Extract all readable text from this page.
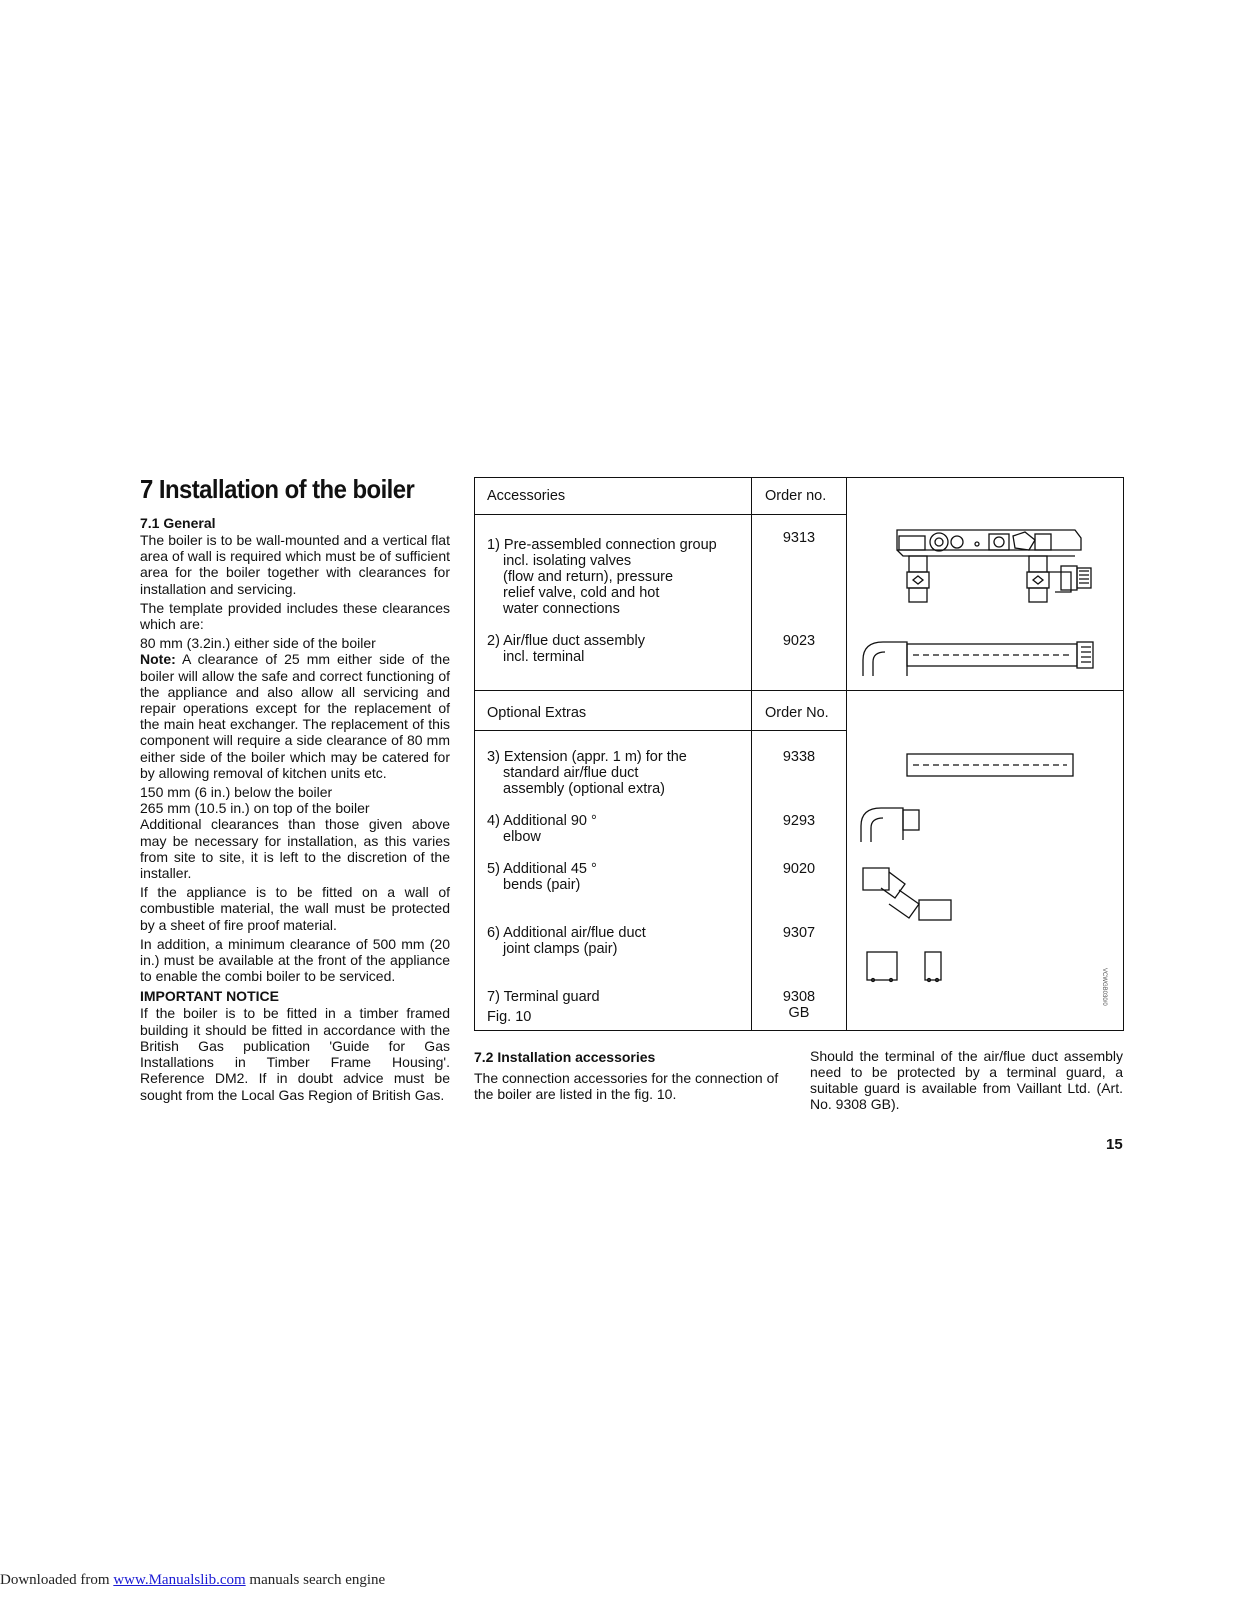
7 Installation of the boiler
7.1 General

The boiler is to be wall-mounted and a vertical flat area of wall is required which must be of sufficient area for the boiler together with clearances for installation and servicing.

The template provided includes these clearances which are:

80 mm (3.2in.) either side of the boiler

Note: A clearance of 25 mm either side of the boiler will allow the safe and correct functioning of the appliance and also allow all servicing and repair operations except for the replacement of the main heat exchanger. The replacement of this component will require a side clearance of 80 mm either side of the boiler which may be catered for by allowing removal of kitchen units etc.

150 mm (6 in.) below the boiler

265 mm (10.5 in.) on top of the boiler

Additional clearances than those given above may be necessary for installation, as this varies from site to site, it is left to the discretion of the installer.

If the appliance is to be fitted on a wall of combustible material, the wall must be protected by a sheet of fire proof material.

In addition, a minimum clearance of 500 mm (20 in.) must be available at the front of the appliance to enable the combi boiler to be serviced.

IMPORTANT NOTICE

If the boiler is to be fitted in a timber framed building it should be fitted in accordance with the British Gas publication 'Guide for Gas Installations in Timber Frame Housing'. Reference DM2. If in doubt advice must be sought from the Local Gas Region of British Gas.

Accessories	Order no.
Optional Extras	Order No.
1) Pre-assembled connection group
incl. isolating valves
(flow and return), pressure
relief valve, cold and hot
water connections
9313
2) Air/flue duct assembly
incl. terminal
9023
3) Extension (appr. 1 m) for the
standard air/flue duct
assembly (optional extra)
9338
4) Additional 90 °
elbow
9293
5) Additional 45 °
bends (pair)
9020
6) Additional air/flue duct
joint clamps (pair)
9307
7) Terminal guard
Fig. 10
9308
GB
VCWGB030/0
7.2 Installation accessories

The connection accessories for the connection of the boiler are listed in the fig. 10.

Should the terminal of the air/flue duct assembly need to be protected by a terminal guard, a suitable guard is available from Vaillant Ltd. (Art. No. 9308 GB).

15
Downloaded from www.Manualslib.com manuals search engine
